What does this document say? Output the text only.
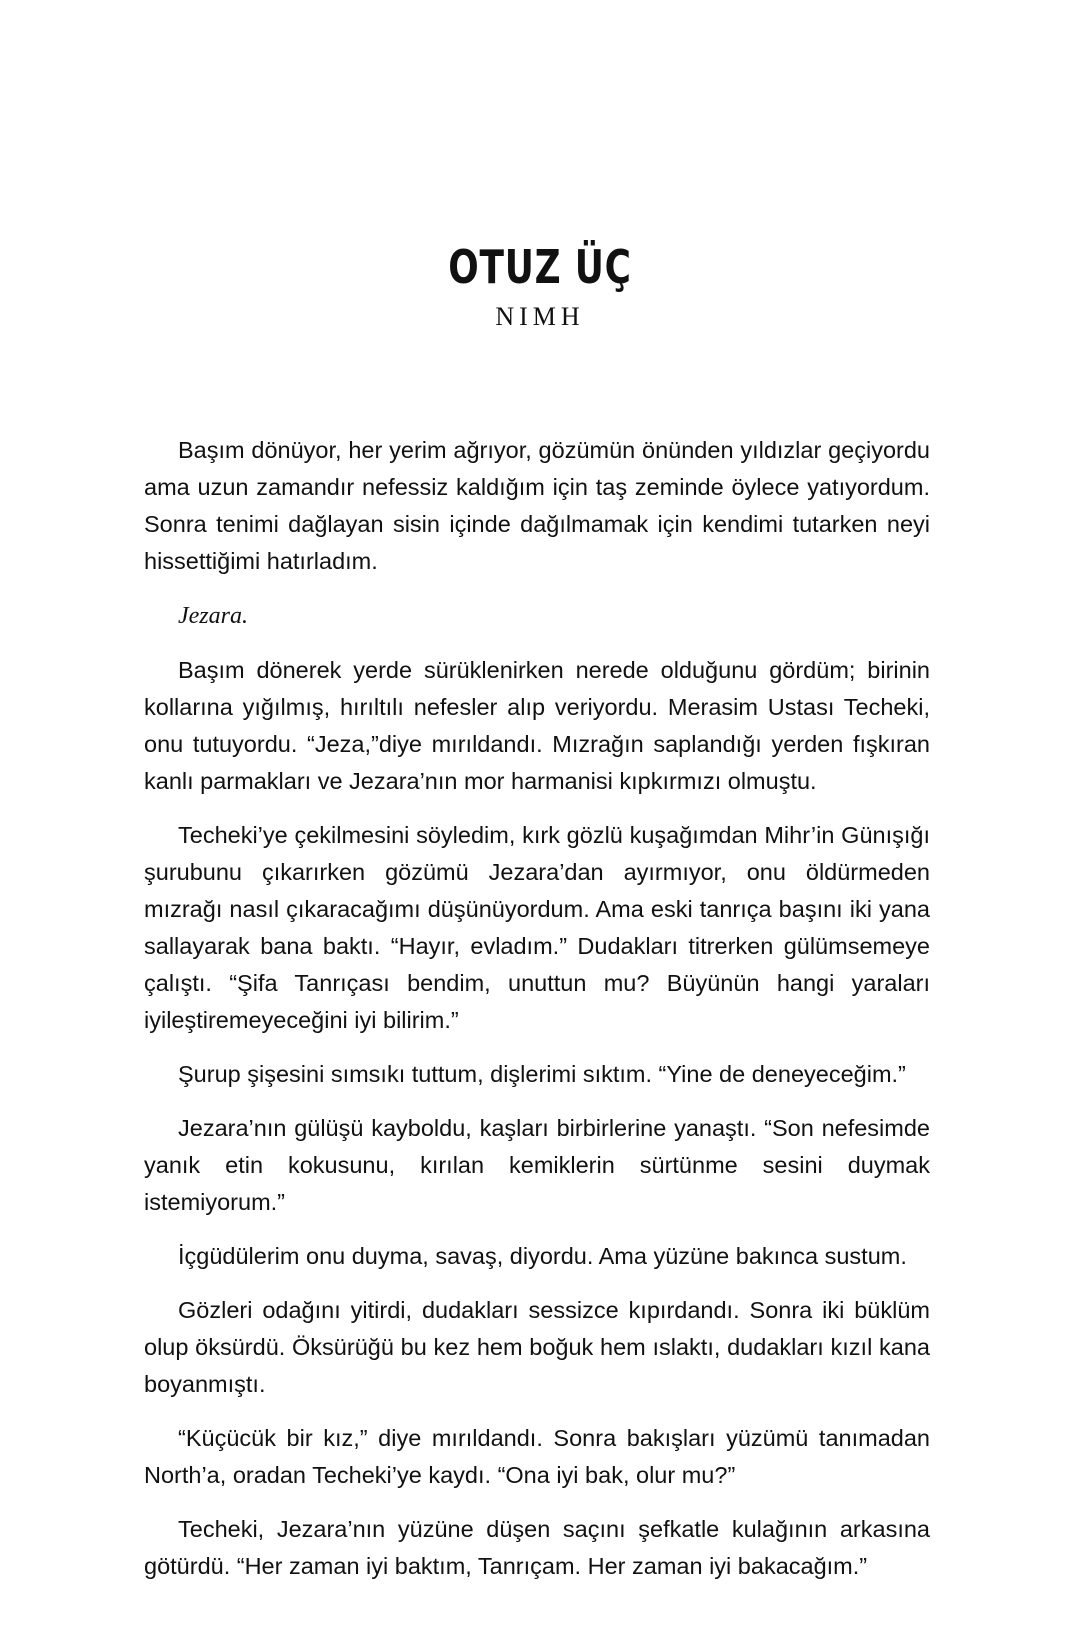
OTUZ ÜÇ
NIMH

Başım dönüyor, her yerim ağrıyor, gözümün önünden yıldızlar geçiyordu ama uzun zamandır nefessiz kaldığım için taş zeminde öylece yatıyordum. Sonra tenimi dağlayan sisin içinde dağılmamak için kendimi tutarken neyi hissettiğimi hatırladım.

Jezara.

Başım dönerek yerde sürüklenirken nerede olduğunu gördüm; birinin kollarına yığılmış, hırıltılı nefesler alıp veriyordu. Merasim Ustası Techeki, onu tutuyordu. “Jeza,”diye mırıldandı. Mızrağın saplandığı yerden fışkıran kanlı parmakları ve Jezara’nın mor harmanisi kıpkırmızı olmuştu.

Techeki’ye çekilmesini söyledim, kırk gözlü kuşağımdan Mihr’in Günışığı şurubunu çıkarırken gözümü Jezara’dan ayırmıyor, onu öldürmeden mızrağı nasıl çıkaracağımı düşünüyordum. Ama eski tanrıça başını iki yana sallayarak bana baktı. “Hayır, evladım.” Dudakları titrerken gülümsemeye çalıştı. “Şifa Tanrıçası bendim, unuttun mu? Büyünün hangi yaraları iyileştiremeyeceğini iyi bilirim.”

Şurup şişesini sımsıkı tuttum, dişlerimi sıktım. “Yine de deneyeceğim.”

Jezara’nın gülüşü kayboldu, kaşları birbirlerine yanaştı. “Son nefesimde yanık etin kokusunu, kırılan kemiklerin sürtünme sesini duymak istemiyorum.”

İçgüdülerim onu duyma, savaş, diyordu. Ama yüzüne bakınca sustum.

Gözleri odağını yitirdi, dudakları sessizce kıpırdandı. Sonra iki büklüm olup öksürdü. Öksürüğü bu kez hem boğuk hem ıslaktı, dudakları kızıl kana boyanmıştı.

“Küçücük bir kız,” diye mırıldandı. Sonra bakışları yüzümü tanımadan North’a, oradan Techeki’ye kaydı. “Ona iyi bak, olur mu?”

Techeki, Jezara’nın yüzüne düşen saçını şefkatle kulağının arkasına götürdü. “Her zaman iyi baktım, Tanrıçam. Her zaman iyi bakacağım.”
